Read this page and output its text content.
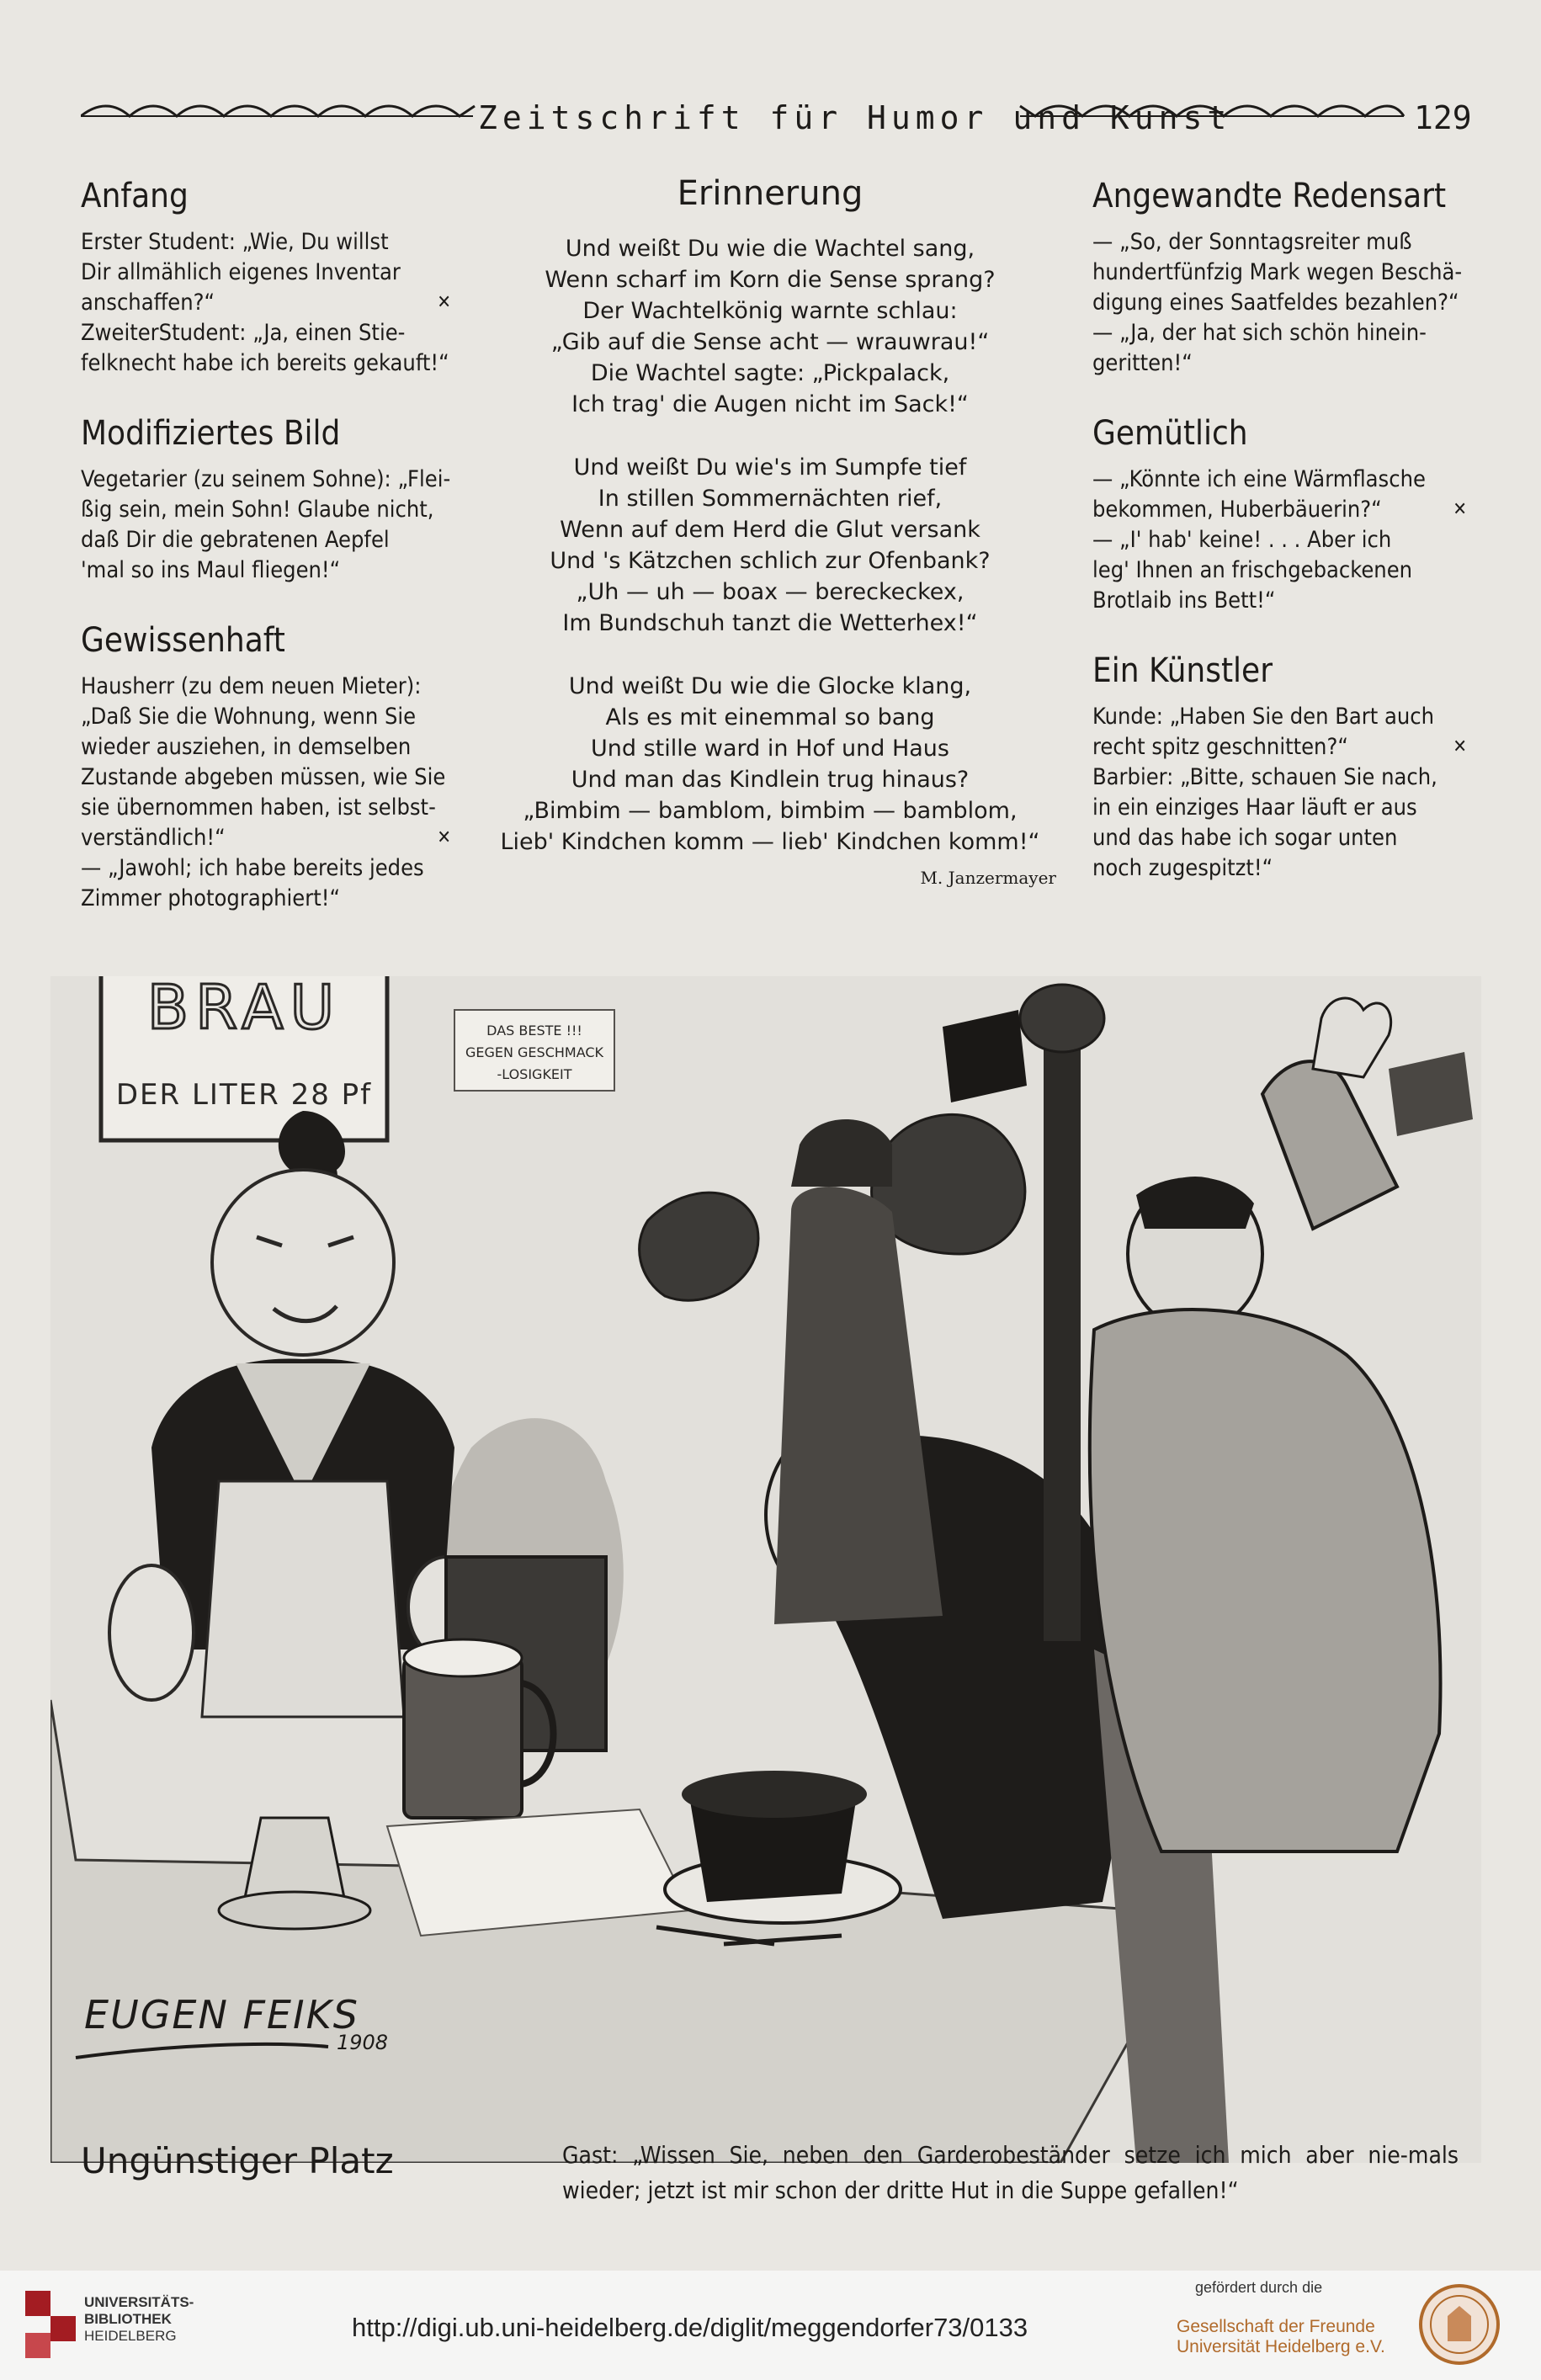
Zeitschrift für Humor und Kunst	129
Anfang

Erster Student: „Wie, Du willst

Dir allmählich eigenes Inventar

anschaffen?“	✕

ZweiterStudent: „Ja, einen Stie-

felknecht habe ich bereits gekauft!“

Modifiziertes Bild

Vegetarier (zu seinem Sohne): „Flei-

ßig sein, mein Sohn! Glaube nicht,

daß Dir die gebratenen Aepfel

'mal so ins Maul fliegen!“

Gewissenhaft

Hausherr (zu dem neuen Mieter):

„Daß Sie die Wohnung, wenn Sie

wieder ausziehen, in demselben

Zustande abgeben müssen, wie Sie

sie übernommen haben, ist selbst-

verständlich!“	✕

— „Jawohl; ich habe bereits jedes

Zimmer photographiert!“

Erinnerung
Und weißt Du wie die Wachtel sang,
Wenn scharf im Korn die Sense sprang?
Der Wachtelkönig warnte schlau:
„Gib auf die Sense acht — wrauwrau!“
Die Wachtel sagte: „Pickpalack,
Ich trag' die Augen nicht im Sack!“
Und weißt Du wie's im Sumpfe tief
In stillen Sommernächten rief,
Wenn auf dem Herd die Glut versank
Und 's Kätzchen schlich zur Ofenbank?
„Uh — uh — boax — bereckeckex,
Im Bundschuh tanzt die Wetterhex!“
Und weißt Du wie die Glocke klang,
Als es mit einemmal so bang
Und stille ward in Hof und Haus
Und man das Kindlein trug hinaus?
„Bimbim — bamblom, bimbim — bamblom,
Lieb' Kindchen komm — lieb' Kindchen komm!“
M. Janzermayer
Angewandte Redensart

— „So, der Sonntagsreiter muß

hundertfünfzig Mark wegen Beschä-

digung eines Saatfeldes bezahlen?“

— „Ja, der hat sich schön hinein-

geritten!“

Gemütlich

— „Könnte ich eine Wärmflasche

bekommen, Huberbäuerin?“	✕

— „I' hab' keine! . . . Aber ich

leg' Ihnen an frischgebackenen

Brotlaib ins Bett!“

Ein Künstler

Kunde: „Haben Sie den Bart auch

recht spitz geschnitten?“	✕

Barbier: „Bitte, schauen Sie nach,

in ein einziges Haar läuft er aus

und das habe ich sogar unten

noch zugespitzt!“

BRAU
DER LITER 28 Pf
DAS BESTE !!!
GEGEN GESCHMACK
-LOSIGKEIT
EUGEN FEIKS
1908
Ungünstiger Platz	Gast: „Wissen Sie, neben den Garderobeständer setze ich mich aber nie-mals wieder; jetzt ist mir schon der dritte Hut in die Suppe gefallen!“
UNIVERSITÄTS-
BIBLIOTHEK
HEIDELBERG	http://digi.ub.uni-heidelberg.de/diglit/meggendorfer73/0133
gefördert durch die
Gesellschaft der Freunde
Universität Heidelberg e.V.
